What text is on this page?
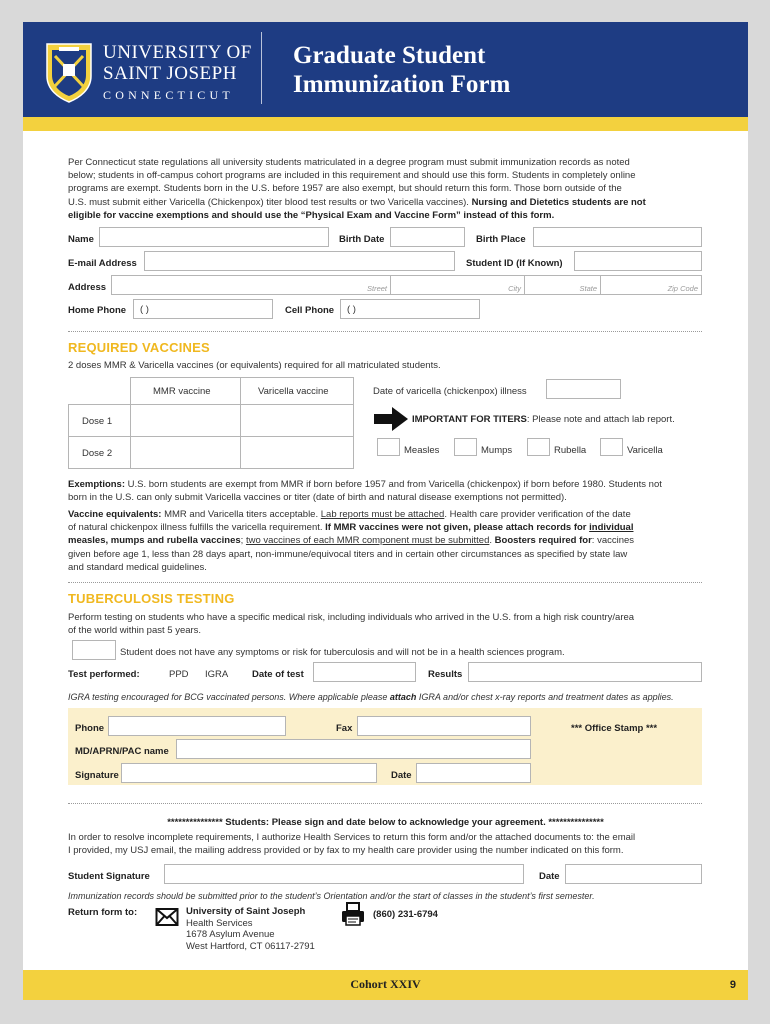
UNIVERSITY OF
SAINT JOSEPH
CONNECTICUT
Graduate Student
Immunization Form
Per Connecticut state regulations all university students matriculated in a degree program must submit immunization records as noted
below; students in off-campus cohort programs are included in this requirement and should use this form. Students in completely online
programs are exempt. Students born in the U.S. before 1957 are also exempt, but should return this form. Those born outside of the
U.S. must submit either Varicella (Chickenpox) titer blood test results or two Varicella vaccines). Nursing and Dietetics students are not
eligible for vaccine exemptions and should use the “Physical Exam and Vaccine Form” instead of this form.
Name	Birth Date	Birth Place
E-mail Address	Student ID (If Known)
Address	Street	City	State	Zip Code
Home Phone ( )	Cell Phone ( )
REQUIRED VACCINES
2 doses MMR & Varicella vaccines (or equivalents) required for all matriculated students.
MMR vaccine	Varicella vaccine
Dose 1
Dose 2
Date of varicella (chickenpox) illness
IMPORTANT FOR TITERS: Please note and attach lab report.
Measles	Mumps	Rubella	Varicella
Exemptions: U.S. born students are exempt from MMR if born before 1957 and from Varicella (chickenpox) if born before 1980. Students not
born in the U.S. can only submit Varicella vaccines or titer (date of birth and natural disease exemptions not permitted).
Vaccine equivalents: MMR and Varicella titers acceptable. Lab reports must be attached. Health care provider verification of the date
of natural chickenpox illness fulfills the varicella requirement. If MMR vaccines were not given, please attach records for individual
measles, mumps and rubella vaccines; two vaccines of each MMR component must be submitted. Boosters required for: vaccines
given before age 1, less than 28 days apart, non-immune/equivocal titers and in certain other circumstances as specified by state law
and standard medical guidelines.
TUBERCULOSIS TESTING
Perform testing on students who have a specific medical risk, including individuals who arrived in the U.S. from a high risk country/area
of the world within past 5 years.
Student does not have any symptoms or risk for tuberculosis and will not be in a health sciences program.
Test performed:	PPD IGRA	Date of test	Results
IGRA testing encouraged for BCG vaccinated persons. Where applicable please attach IGRA and/or chest x-ray reports and treatment dates as applies.
Phone	Fax	*** Office Stamp ***
MD/APRN/PAC name
Signature	Date
*************** Students: Please sign and date below to acknowledge your agreement. ***************
In order to resolve incomplete requirements, I authorize Health Services to return this form and/or the attached documents to: the email
I provided, my USJ email, the mailing address provided or by fax to my health care provider using the number indicated on this form.
Student Signature	Date
Immunization records should be submitted prior to the student’s Orientation and/or the start of classes in the student’s first semester.
Return form to:	University of Saint Joseph
Health Services
1678 Asylum Avenue
West Hartford, CT 06117-2791
(860) 231-6794
Cohort XXIV	9
